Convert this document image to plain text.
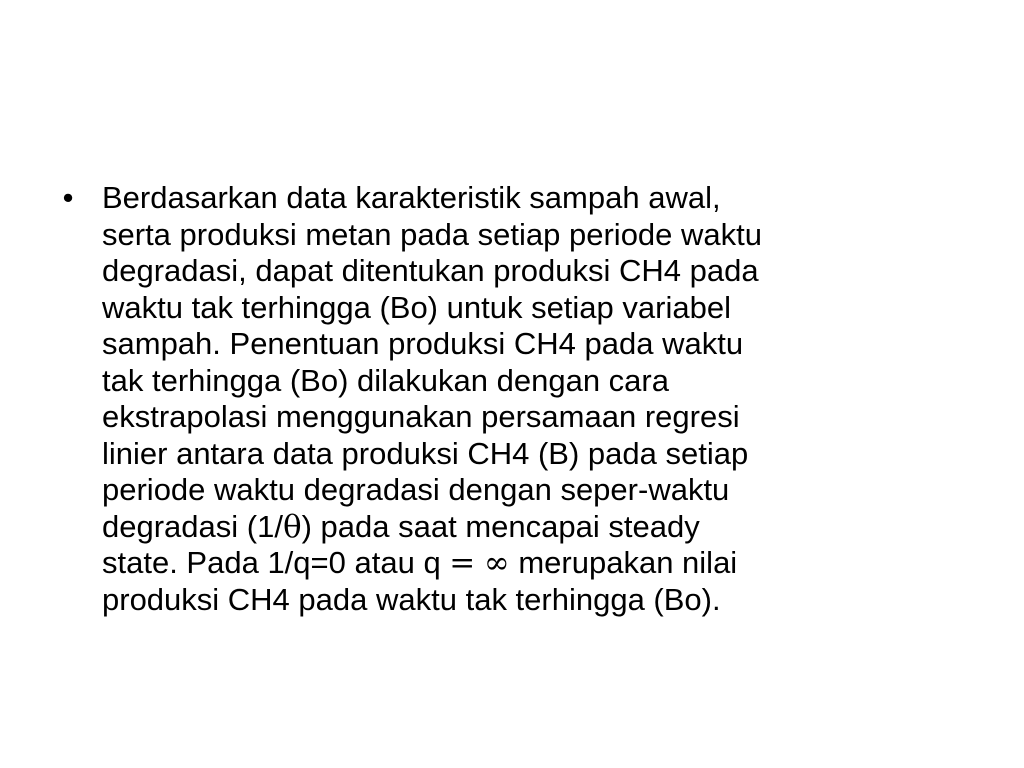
• Berdasarkan data karakteristik sampah awal,
serta produksi metan pada setiap periode waktu
degradasi, dapat ditentukan produksi CH4 pada
waktu tak terhingga (Bo) untuk setiap variabel
sampah. Penentuan produksi CH4 pada waktu
tak terhingga (Bo) dilakukan dengan cara
ekstrapolasi menggunakan persamaan regresi
linier antara data produksi CH4 (B) pada setiap
periode waktu degradasi dengan seper-waktu
degradasi (1/θ) pada saat mencapai steady
state. Pada 1/q=0 atau q = ∞ merupakan nilai
produksi CH4 pada waktu tak terhingga (Bo).
